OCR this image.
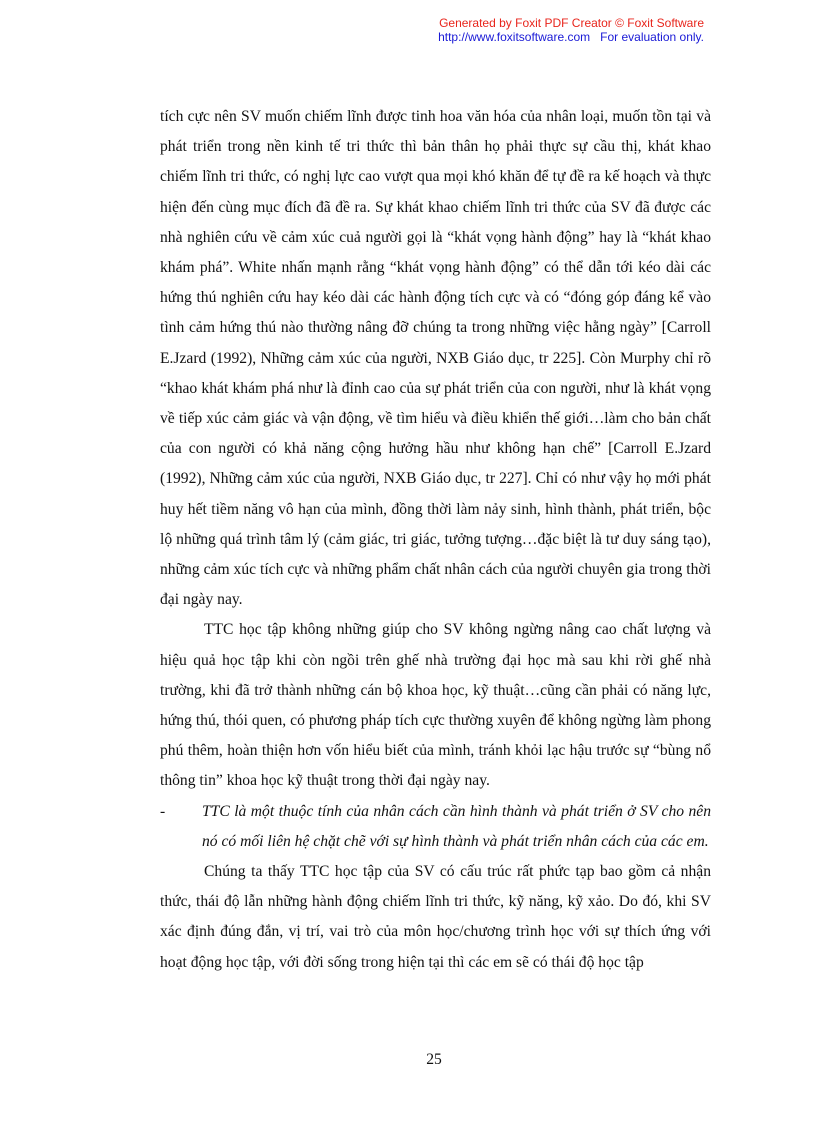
Generated by Foxit PDF Creator © Foxit Software
http://www.foxitsoftware.com For evaluation only.

tích cực nên SV muốn chiếm lĩnh được tinh hoa văn hóa của nhân loại, muốn tồn tại và phát triển trong nền kinh tế tri thức thì bản thân họ phải thực sự cầu thị, khát khao chiếm lĩnh tri thức, có nghị lực cao vượt qua mọi khó khăn để tự đề ra kế hoạch và thực hiện đến cùng mục đích đã đề ra. Sự khát khao chiếm lĩnh tri thức của SV đã được các nhà nghiên cứu về cảm xúc cuả người gọi là “khát vọng hành động” hay là “khát khao khám phá”. White nhấn mạnh rằng “khát vọng hành động” có thể dẫn tới kéo dài các hứng thú nghiên cứu hay kéo dài các hành động tích cực và có “đóng góp đáng kể vào tình cảm hứng thú nào thường nâng đỡ chúng ta trong những việc hằng ngày” [Carroll E.Jzard (1992), Những cảm xúc của người, NXB Giáo dục, tr 225]. Còn Murphy chỉ rõ “khao khát khám phá như là đỉnh cao của sự phát triển của con người, như là khát vọng về tiếp xúc cảm giác và vận động, về tìm hiểu và điều khiển thế giới…làm cho bản chất của con người có khả năng cộng hưởng hầu như không hạn chế” [Carroll E.Jzard (1992), Những cảm xúc của người, NXB Giáo dục, tr 227]. Chỉ có như vậy họ mới phát huy hết tiềm năng vô hạn của mình, đồng thời làm nảy sinh, hình thành, phát triển, bộc lộ những quá trình tâm lý (cảm giác, tri giác, tưởng tượng…đặc biệt là tư duy sáng tạo), những cảm xúc tích cực và những phẩm chất nhân cách của người chuyên gia trong thời đại ngày nay.

TTC học tập không những giúp cho SV không ngừng nâng cao chất lượng và hiệu quả học tập khi còn ngồi trên ghế nhà trường đại học mà sau khi rời ghế nhà trường, khi đã trở thành những cán bộ khoa học, kỹ thuật…cũng cần phải có năng lực, hứng thú, thói quen, có phương pháp tích cực thường xuyên để không ngừng làm phong phú thêm, hoàn thiện hơn vốn hiểu biết của mình, tránh khỏi lạc hậu trước sự “bùng nổ thông tin” khoa học kỹ thuật trong thời đại ngày nay.

- TTC là một thuộc tính của nhân cách cần hình thành và phát triển ở SV cho nên nó có mối liên hệ chặt chẽ với sự hình thành và phát triển nhân cách của các em.

Chúng ta thấy TTC học tập của SV có cấu trúc rất phức tạp bao gồm cả nhận thức, thái độ lẫn những hành động chiếm lĩnh tri thức, kỹ năng, kỹ xảo. Do đó, khi SV xác định đúng đắn, vị trí, vai trò của môn học/chương trình học với sự thích ứng với hoạt động học tập, với đời sống trong hiện tại thì các em sẽ có thái độ học tập

25
